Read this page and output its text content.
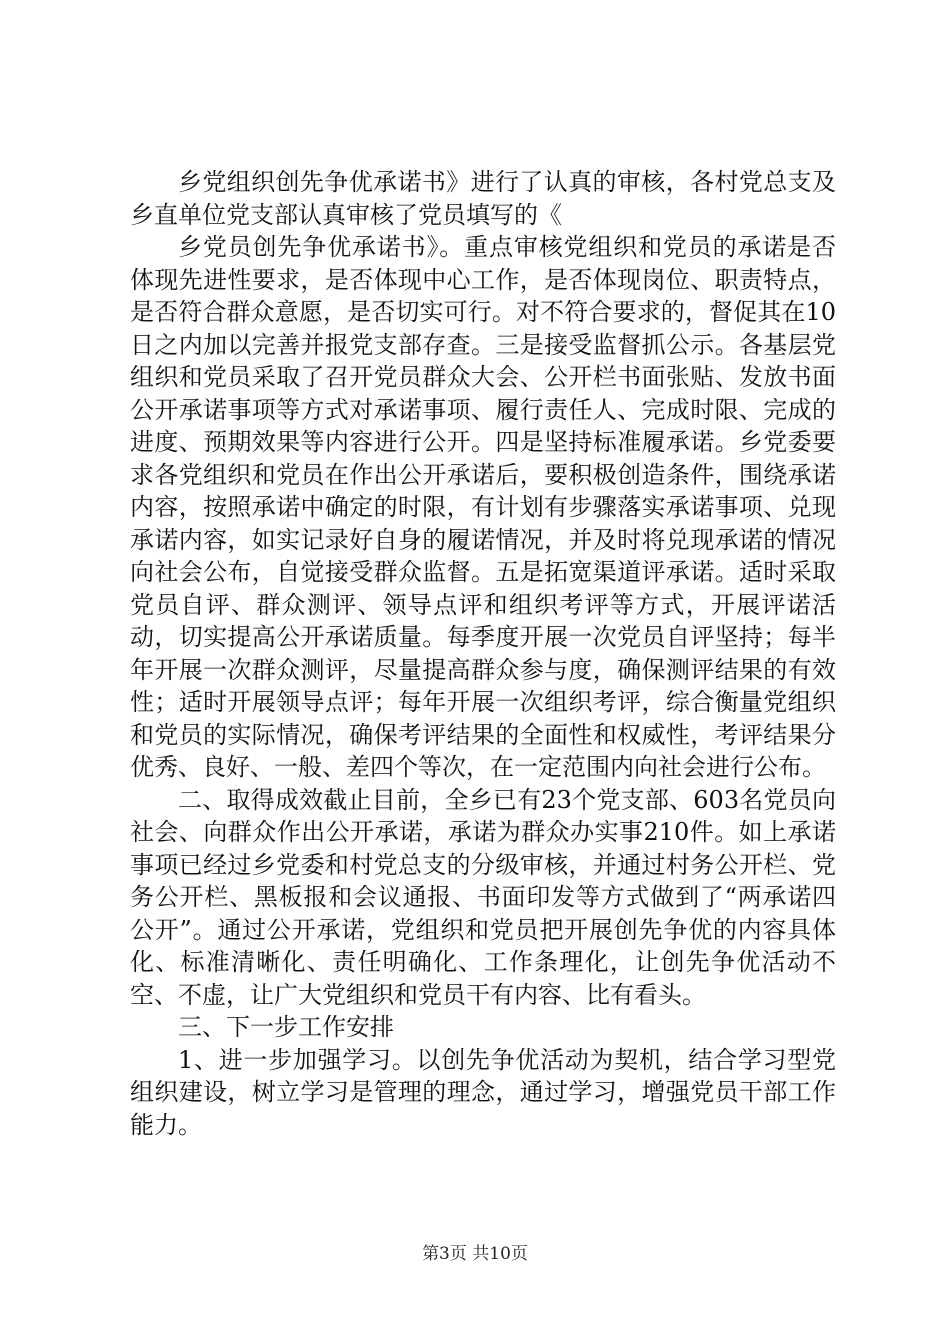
乡党组织创先争优承诺书》进行了认真的审核，各村党总支及乡直单位党支部认真审核了党员填写的《

乡党员创先争优承诺书》。重点审核党组织和党员的承诺是否体现先进性要求，是否体现中心工作，是否体现岗位、职责特点，是否符合群众意愿，是否切实可行。对不符合要求的，督促其在10日之内加以完善并报党支部存查。三是接受监督抓公示。各基层党组织和党员采取了召开党员群众大会、公开栏书面张贴、发放书面公开承诺事项等方式对承诺事项、履行责任人、完成时限、完成的进度、预期效果等内容进行公开。四是坚持标准履承诺。乡党委要求各党组织和党员在作出公开承诺后，要积极创造条件，围绕承诺内容，按照承诺中确定的时限，有计划有步骤落实承诺事项、兑现承诺内容，如实记录好自身的履诺情况，并及时将兑现承诺的情况向社会公布，自觉接受群众监督。五是拓宽渠道评承诺。适时采取党员自评、群众测评、领导点评和组织考评等方式，开展评诺活动，切实提高公开承诺质量。每季度开展一次党员自评坚持；每半年开展一次群众测评，尽量提高群众参与度，确保测评结果的有效性；适时开展领导点评；每年开展一次组织考评，综合衡量党组织和党员的实际情况，确保考评结果的全面性和权威性，考评结果分优秀、良好、一般、差四个等次，在一定范围内向社会进行公布。

二、取得成效截止目前，全乡已有23个党支部、603名党员向社会、向群众作出公开承诺，承诺为群众办实事210件。如上承诺事项已经过乡党委和村党总支的分级审核，并通过村务公开栏、党务公开栏、黑板报和会议通报、书面印发等方式做到了“两承诺四公开”。通过公开承诺，党组织和党员把开展创先争优的内容具体化、标准清晰化、责任明确化、工作条理化，让创先争优活动不空、不虚，让广大党组织和党员干有内容、比有看头。

三、下一步工作安排

1、进一步加强学习。以创先争优活动为契机，结合学习型党组织建设，树立学习是管理的理念，通过学习，增强党员干部工作能力。

第3页 共10页
